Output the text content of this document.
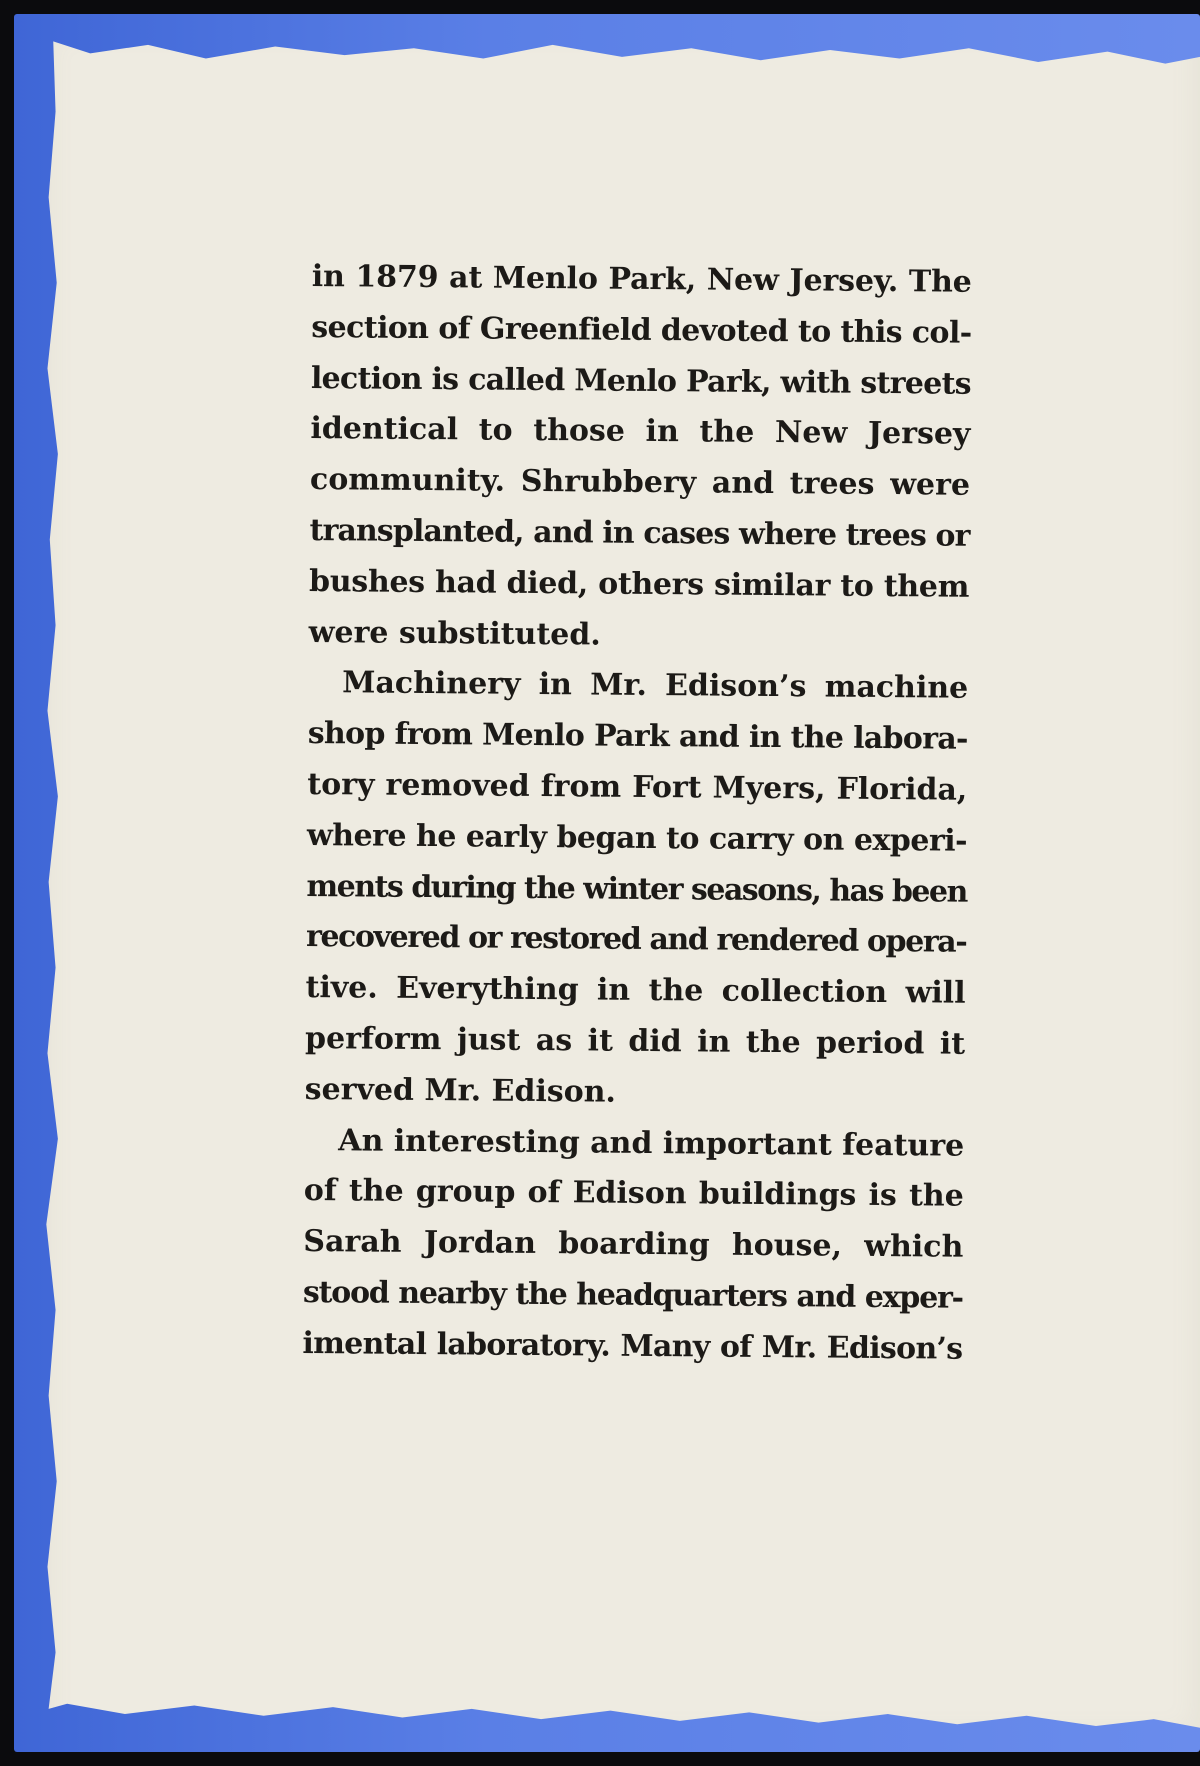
in 1879 at Menlo Park, New Jersey. The
section of Greenfield devoted to this col-
lection is called Menlo Park, with streets
identical to those in the New Jersey
community. Shrubbery and trees were
transplanted, and in cases where trees or
bushes had died, others similar to them
were substituted.
Machinery in Mr. Edison’s machine
shop from Menlo Park and in the labora-
tory removed from Fort Myers, Florida,
where he early began to carry on experi-
ments during the winter seasons, has been
recovered or restored and rendered opera-
tive. Everything in the collection will
perform just as it did in the period it
served Mr. Edison.
An interesting and important feature
of the group of Edison buildings is the
Sarah Jordan boarding house, which
stood nearby the headquarters and exper-
imental laboratory. Many of Mr. Edison’s
